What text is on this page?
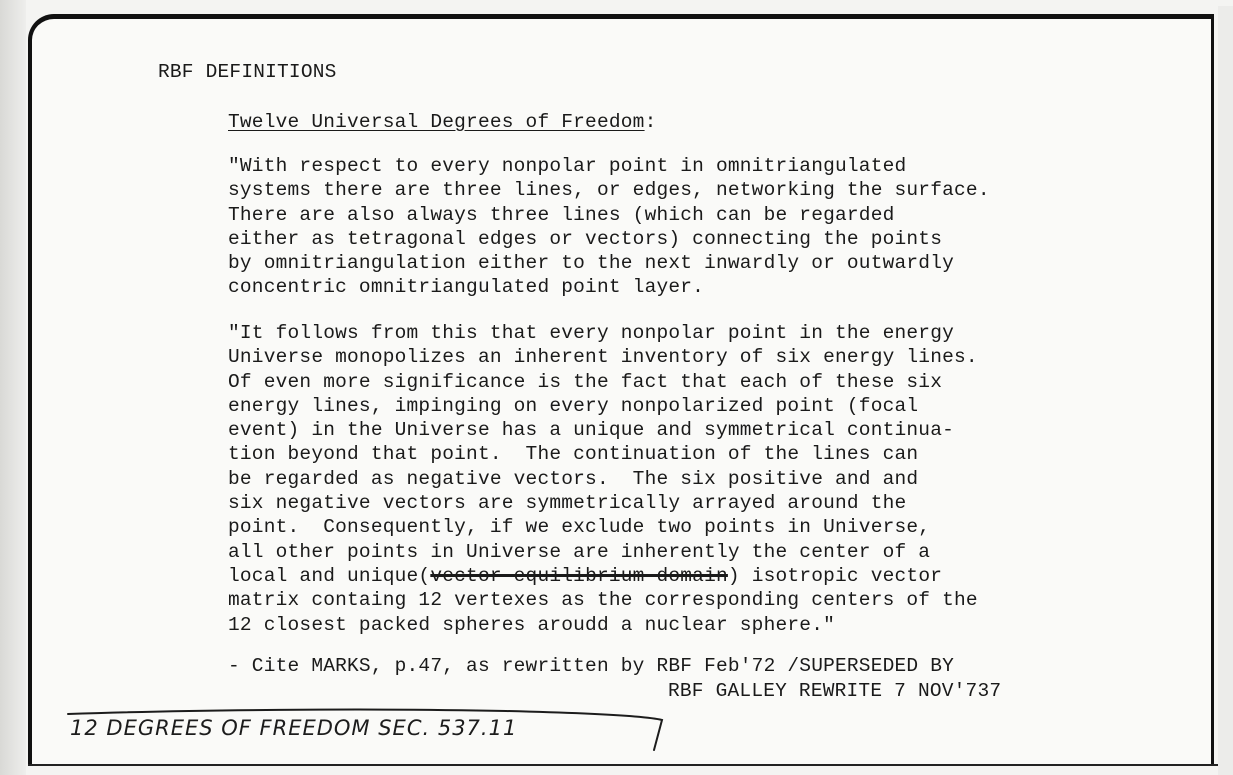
RBF DEFINITIONS
Twelve Universal Degrees of Freedom:
"With respect to every nonpolar point in omnitriangulated
systems there are three lines, or edges, networking the surface.
There are also always three lines (which can be regarded
either as tetragonal edges or vectors) connecting the points
by omnitriangulation either to the next inwardly or outwardly
concentric omnitriangulated point layer.
"It follows from this that every nonpolar point in the energy
Universe monopolizes an inherent inventory of six energy lines.
Of even more significance is the fact that each of these six
energy lines, impinging on every nonpolarized point (focal
event) in the Universe has a unique and symmetrical continua-
tion beyond that point.  The continuation of the lines can
be regarded as negative vectors.  The six positive and and
six negative vectors are symmetrically arrayed around the
point.  Consequently, if we exclude two points in Universe,
all other points in Universe are inherently the center of a
local and unique(vector-equilibrium-domain) isotropic vector
matrix containg 12 vertexes as the corresponding centers of the
12 closest packed spheres aroudd a nuclear sphere."
- Cite MARKS, p.47, as rewritten by RBF Feb'72 /SUPERSEDED BY
RBF GALLEY REWRITE 7 NOV'737
12 DEGREES OF FREEDOM SEC. 537.11
